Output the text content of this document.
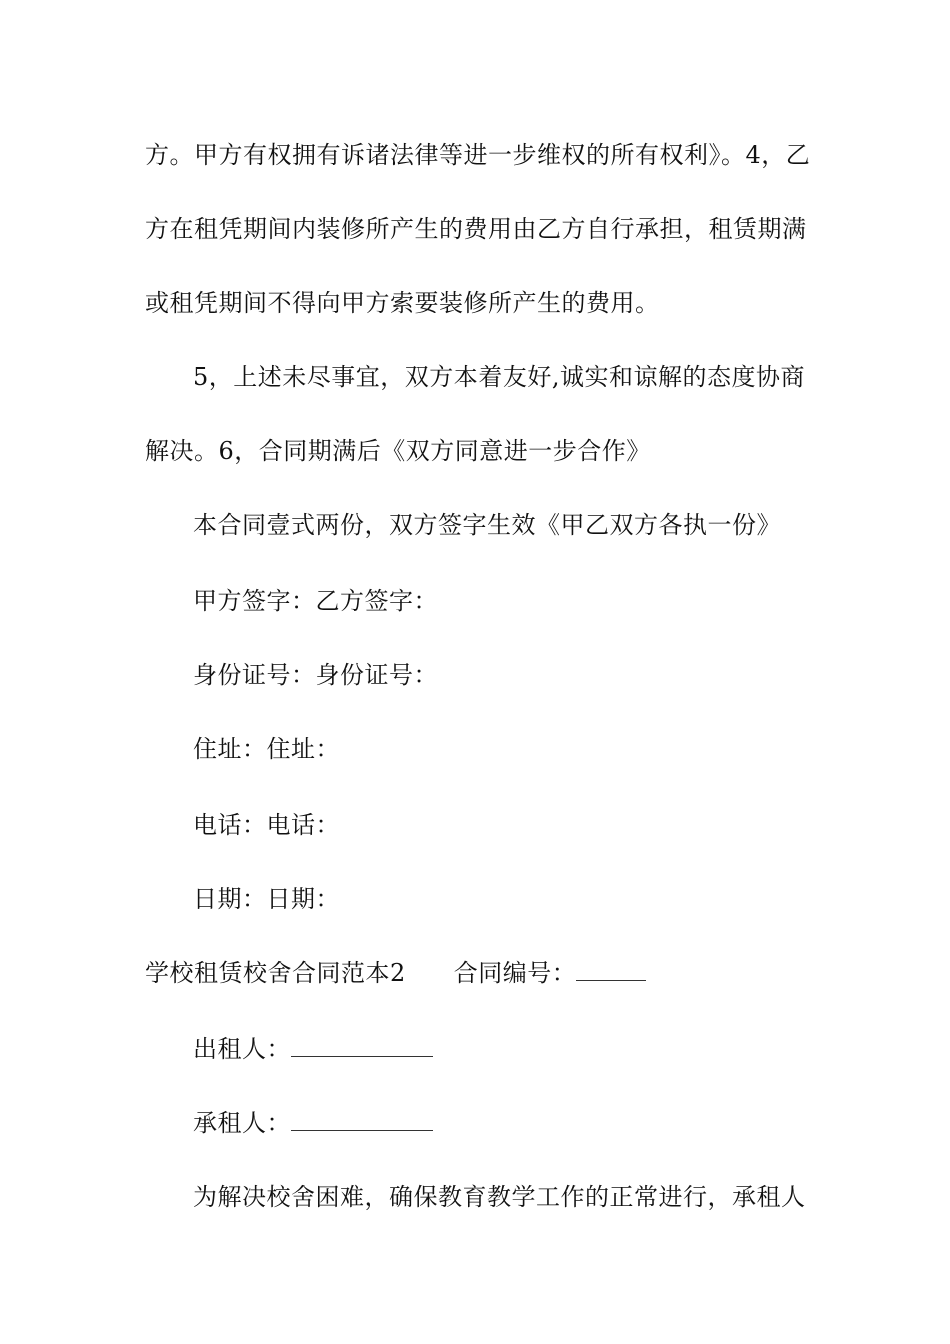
方。甲方有权拥有诉诸法律等进一步维权的所有权利》。4，乙
方在租凭期间内装修所产生的费用由乙方自行承担，租赁期满
或租凭期间不得向甲方索要装修所产生的费用。
5，上述未尽事宜，双方本着友好,诚实和谅解的态度协商
解决。6，合同期满后《双方同意进一步合作》
本合同壹式两份，双方签字生效《甲乙双方各执一份》
甲方签字：乙方签字：
身份证号：身份证号：
住址：住址：
电话：电话：
日期：日期：
学校租赁校舍合同范本2 合同编号：
出租人：
承租人：
为解决校舍困难，确保教育教学工作的正常进行，承租人
